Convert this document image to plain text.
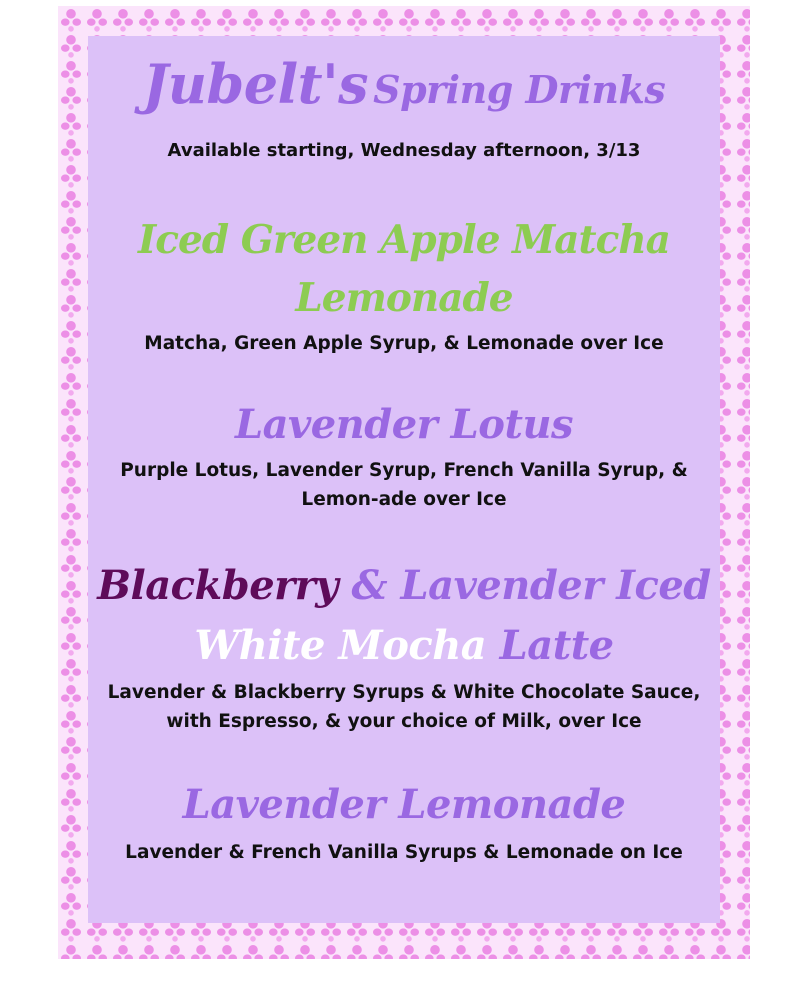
Jubelt's Spring Drinks
Available starting, Wednesday afternoon, 3/13
Iced Green Apple Matcha Lemonade
Matcha, Green Apple Syrup, & Lemonade over Ice
Lavender Lotus
Purple Lotus, Lavender Syrup, French Vanilla Syrup, & Lemon-ade over Ice
Blackberry & Lavender Iced White Mocha Latte
Lavender & Blackberry Syrups & White Chocolate Sauce, with Espresso, & your choice of Milk, over Ice
Lavender Lemonade
Lavender & French Vanilla Syrups & Lemonade on Ice
